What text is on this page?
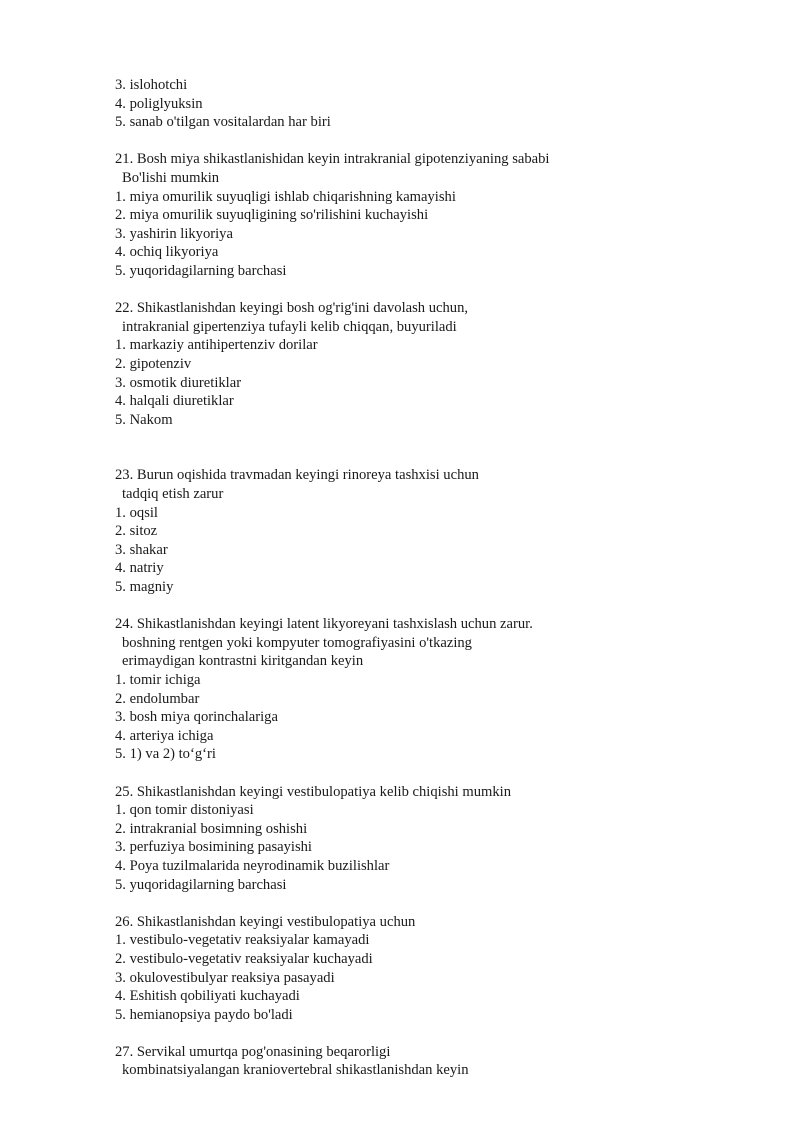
3. islohotchi
4. poliglyuksin
5. sanab o'tilgan vositalardan har biri
21. Bosh miya shikastlanishidan keyin intrakranial gipotenziyaning sababi
Bo'lishi mumkin
1. miya omurilik suyuqligi ishlab chiqarishning kamayishi
2. miya omurilik suyuqligining so'rilishini kuchayishi
3. yashirin likyoriya
4. ochiq likyoriya
5. yuqoridagilarning barchasi
22. Shikastlanishdan keyingi bosh og'rig'ini davolash uchun,
intrakranial gipertenziya tufayli kelib chiqqan, buyuriladi
1. markaziy antihipertenziv dorilar
2. gipotenziv
3. osmotik diuretiklar
4. halqali diuretiklar
5. Nakom
23. Burun oqishida travmadan keyingi rinoreya tashxisi uchun
tadqiq etish zarur
1. oqsil
2. sitoz
3. shakar
4. natriy
5. magniy
24. Shikastlanishdan keyingi latent likyoreyani tashxislash uchun zarur.
boshning rentgen yoki kompyuter tomografiyasini o'tkazing
erimaydigan kontrastni kiritgandan keyin
1. tomir ichiga
2. endolumbar
3. bosh miya qorinchalariga
4. arteriya ichiga
5. 1) va 2) to‘g‘ri
25. Shikastlanishdan keyingi vestibulopatiya kelib chiqishi mumkin
1. qon tomir distoniyasi
2. intrakranial bosimning oshishi
3. perfuziya bosimining pasayishi
4. Poya tuzilmalarida neyrodinamik buzilishlar
5. yuqoridagilarning barchasi
26. Shikastlanishdan keyingi vestibulopatiya uchun
1. vestibulo-vegetativ reaksiyalar kamayadi
2. vestibulo-vegetativ reaksiyalar kuchayadi
3. okulovestibulyar reaksiya pasayadi
4. Eshitish qobiliyati kuchayadi
5. hemianopsiya paydo bo'ladi
27. Servikal umurtqa pog'onasining beqarorligi
kombinatsiyalangan kraniovertebral shikastlanishdan keyin
